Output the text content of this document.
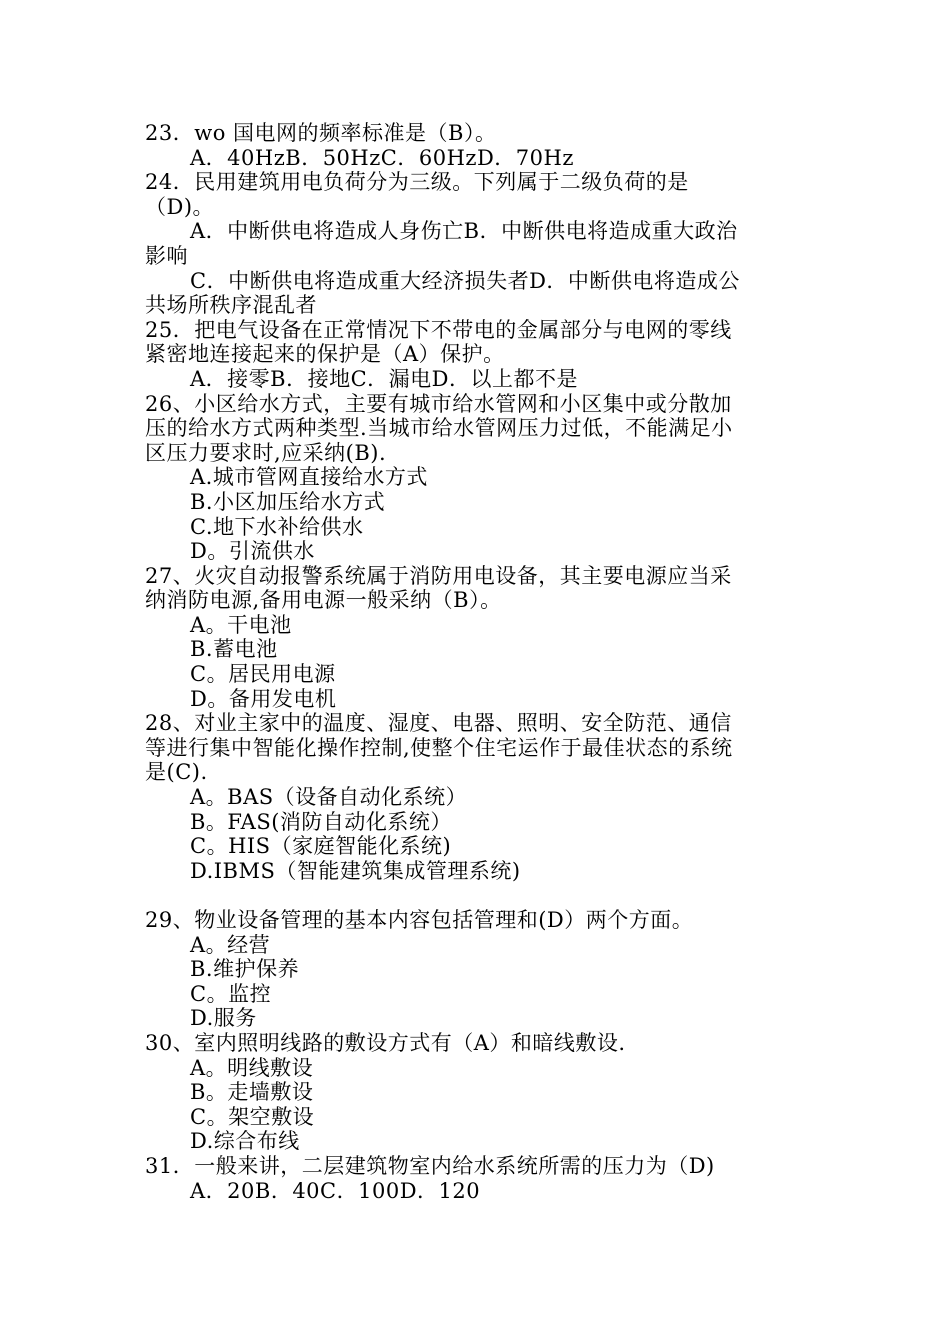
23．wo 国电网的频率标准是（B）。
A．40HzB．50HzC．60HzD．70Hz
24．民用建筑用电负荷分为三级。下列属于二级负荷的是
（D)。
A．中断供电将造成人身伤亡B．中断供电将造成重大政治
影响
C．中断供电将造成重大经济损失者D．中断供电将造成公
共场所秩序混乱者
25．把电气设备在正常情况下不带电的金属部分与电网的零线
紧密地连接起来的保护是（A）保护。
A．接零B．接地C．漏电D．以上都不是
26、小区给水方式，主要有城市给水管网和小区集中或分散加
压的给水方式两种类型.当城市给水管网压力过低，不能满足小
区压力要求时,应采纳(B).
A.城市管网直接给水方式
B.小区加压给水方式
C.地下水补给供水
D。引流供水
27、火灾自动报警系统属于消防用电设备，其主要电源应当采
纳消防电源,备用电源一般采纳（B）。
A。干电池
B.蓄电池
C。居民用电源
D。备用发电机
28、对业主家中的温度、湿度、电器、照明、安全防范、通信
等进行集中智能化操作控制,使整个住宅运作于最佳状态的系统
是(C).
A。BAS（设备自动化系统）
B。FAS(消防自动化系统）
C。HIS（家庭智能化系统)
D.IBMS（智能建筑集成管理系统)
29、物业设备管理的基本内容包括管理和(D）两个方面。
A。经营
B.维护保养
C。监控
D.服务
30、室内照明线路的敷设方式有（A）和暗线敷设.
A。明线敷设
B。走墙敷设
C。架空敷设
D.综合布线
31．一般来讲，二层建筑物室内给水系统所需的压力为（D)
A．20B．40C．100D．120
